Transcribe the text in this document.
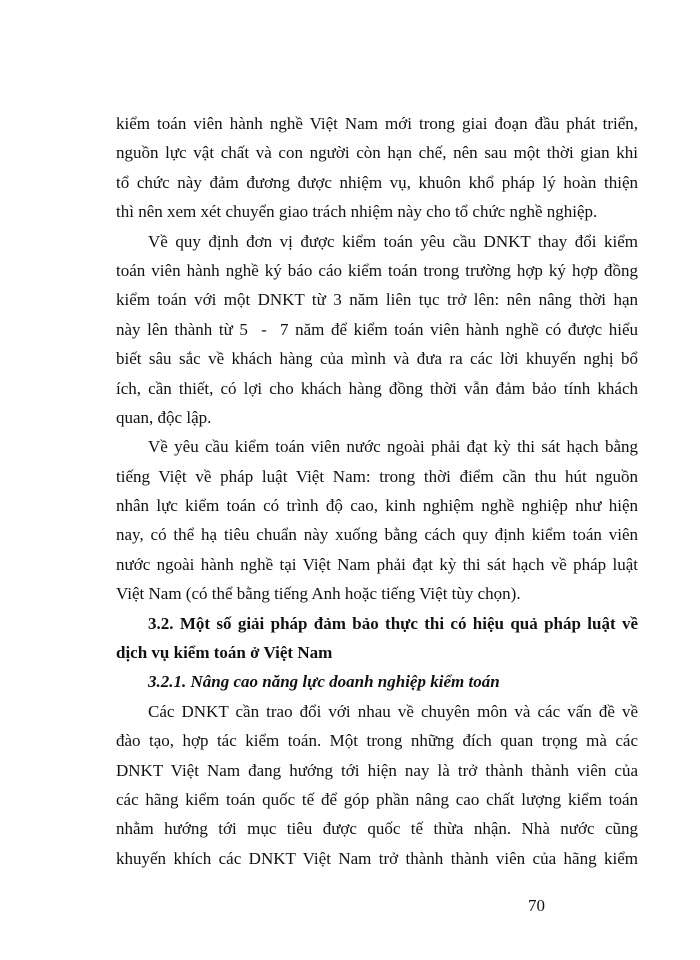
kiểm toán viên hành nghề Việt Nam mới trong giai đoạn đầu phát triển,
nguồn lực vật chất và con người còn hạn chế, nên sau một thời gian khi
tổ chức này đảm đương được nhiệm vụ, khuôn khổ pháp lý hoàn thiện
thì nên xem xét chuyển giao trách nhiệm này cho tổ chức nghề nghiệp.
Về quy định đơn vị được kiểm toán yêu cầu DNKT thay đổi kiểm
toán viên hành nghề ký báo cáo kiểm toán trong trường hợp ký hợp đồng
kiểm toán với một DNKT từ 3 năm liên tục trở lên: nên nâng thời hạn
này lên thành từ 5  -  7 năm để kiểm toán viên hành nghề có được hiểu
biết sâu sắc về khách hàng của mình và đưa ra các lời khuyến nghị bổ
ích, cần thiết, có lợi cho khách hàng đồng thời vẫn đảm bảo tính khách
quan, độc lập.
Về yêu cầu kiểm toán viên nước ngoài phải đạt kỳ thi sát hạch bằng
tiếng Việt về pháp luật Việt Nam: trong thời điểm cần thu hút nguồn
nhân lực kiểm toán có trình độ cao, kinh nghiệm nghề nghiệp như hiện
nay, có thể hạ tiêu chuẩn này xuống bằng cách quy định kiểm toán viên
nước ngoài hành nghề tại Việt Nam phải đạt kỳ thi sát hạch về pháp luật
Việt Nam (có thể bằng tiếng Anh hoặc tiếng Việt tùy chọn).
3.2. Một số giải pháp đảm bảo thực thi có hiệu quả pháp luật về
dịch vụ kiểm toán ở Việt Nam
3.2.1. Nâng cao năng lực doanh nghiệp kiểm toán
Các DNKT cần trao đổi với nhau về chuyên môn và các vấn đề về
đào tạo, hợp tác kiểm toán. Một trong những đích quan trọng mà các
DNKT Việt Nam đang hướng tới hiện nay là trở thành thành viên của
các hãng kiểm toán quốc tế để góp phần nâng cao chất lượng kiểm toán
nhằm hướng tới mục tiêu được quốc tế thừa nhận. Nhà nước cũng
khuyến khích các DNKT Việt Nam trở thành thành viên của hãng kiểm
70
